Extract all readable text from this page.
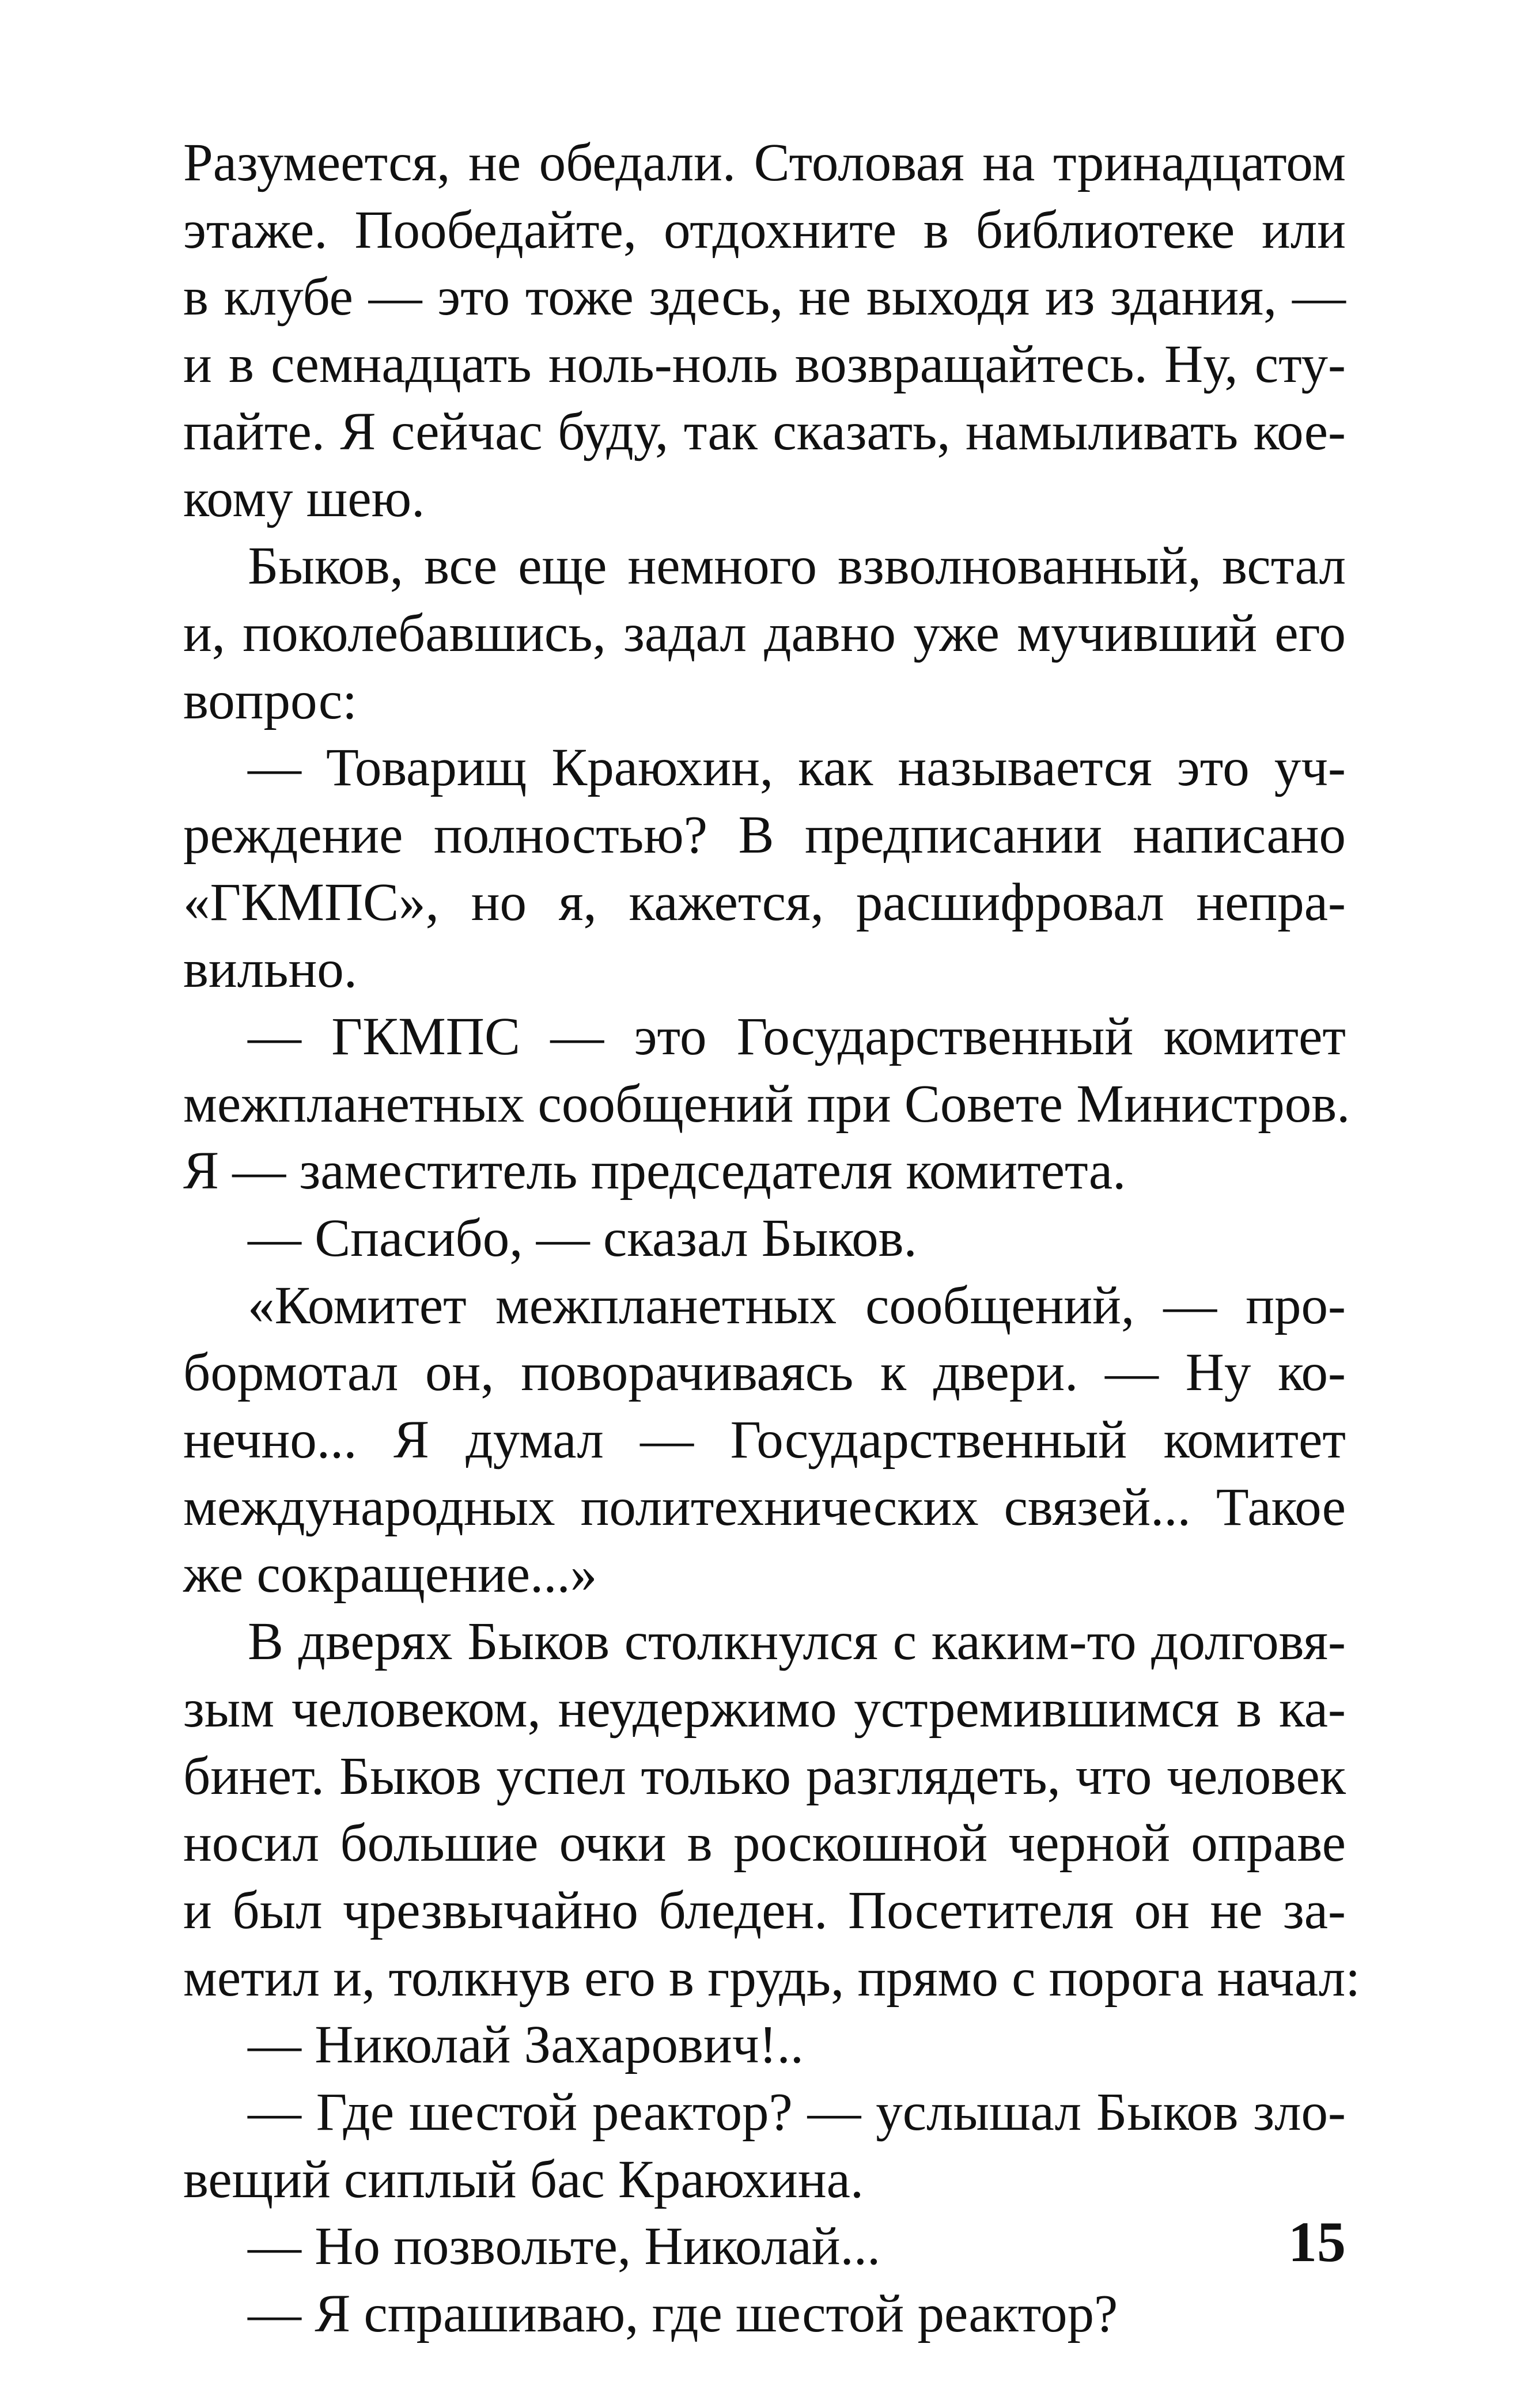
Разумеется, не обедали. Столовая на тринадцатом
этаже. Пообедайте, отдохните в библиотеке или
в клубе — это тоже здесь, не выходя из здания, —
и в семнадцать ноль-ноль возвращайтесь. Ну, сту-
пайте. Я сейчас буду, так сказать, намыливать кое-
кому шею.
Быков, все еще немного взволнованный, встал
и, поколебавшись, задал давно уже мучивший его
вопрос:
— Товарищ Краюхин, как называется это уч-
реждение полностью? В предписании написано
«ГКМПС», но я, кажется, расшифровал непра-
вильно.
— ГКМПС — это Государственный комитет
межпланетных сообщений при Совете Министров.
Я — заместитель председателя комитета.
— Спасибо, — сказал Быков.
«Комитет межпланетных сообщений, — про-
бормотал он, поворачиваясь к двери. — Ну ко-
нечно... Я думал — Государственный комитет
международных политехнических связей... Такое
же сокращение...»
В дверях Быков столкнулся с каким-то долговя-
зым человеком, неудержимо устремившимся в ка-
бинет. Быков успел только разглядеть, что человек
носил большие очки в роскошной черной оправе
и был чрезвычайно бледен. Посетителя он не за-
метил и, толкнув его в грудь, прямо с порога начал:
— Николай Захарович!..
— Где шестой реактор? — услышал Быков зло-
вещий сиплый бас Краюхина.
— Но позвольте, Николай...
— Я спрашиваю, где шестой реактор?
15
